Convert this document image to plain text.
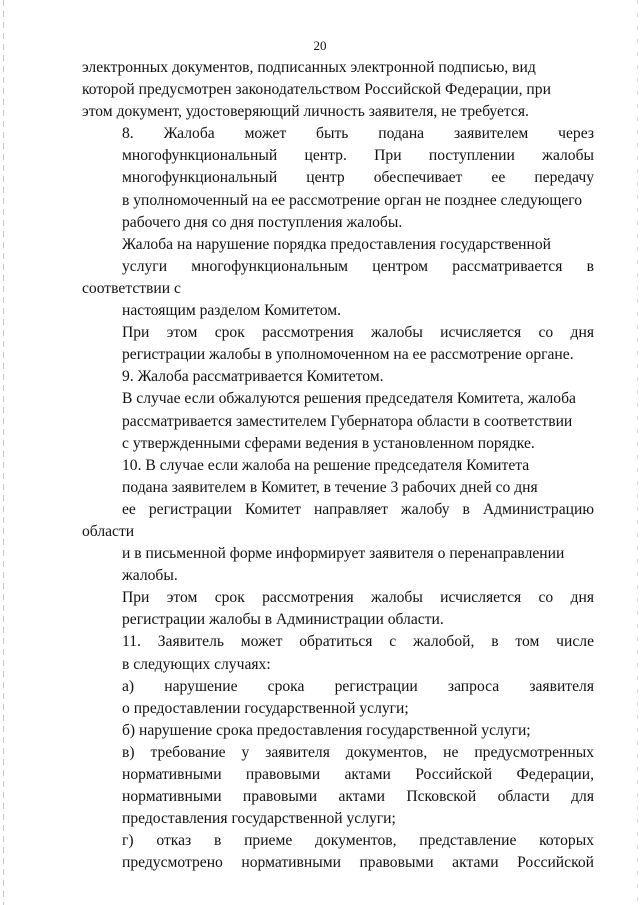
20

электронных документов, подписанных электронной подписью, вид
которой предусмотрен законодательством Российской Федерации, при
этом документ, удостоверяющий личность заявителя, не требуется.

8. Жалоба может быть подана заявителем через
многофункциональный центр. При поступлении жалобы
многофункциональный центр обеспечивает ее передачу
в уполномоченный на ее рассмотрение орган не позднее следующего
рабочего дня со дня поступления жалобы.

Жалоба на нарушение порядка предоставления государственной
услуги многофункциональным центром рассматривается в соответствии с
настоящим разделом Комитетом.

При этом срок рассмотрения жалобы исчисляется со дня
регистрации жалобы в уполномоченном на ее рассмотрение органе.

9. Жалоба рассматривается Комитетом.

В случае если обжалуются решения председателя Комитета, жалоба
рассматривается заместителем Губернатора области в соответствии
с утвержденными сферами ведения в установленном порядке.

10. В случае если жалоба на решение председателя Комитета
подана заявителем в Комитет, в течение 3 рабочих дней со дня
ее регистрации Комитет направляет жалобу в Администрацию области
и в письменной форме информирует заявителя о перенаправлении
жалобы.

При этом срок рассмотрения жалобы исчисляется со дня
регистрации жалобы в Администрации области.

11. Заявитель может обратиться с жалобой, в том числе
в следующих случаях:

а) нарушение срока регистрации запроса заявителя
о предоставлении государственной услуги;

б) нарушение срока предоставления государственной услуги;

в) требование у заявителя документов, не предусмотренных
нормативными правовыми актами Российской Федерации,
нормативными правовыми актами Псковской области для
предоставления государственной услуги;

г) отказ в приеме документов, представление которых
предусмотрено нормативными правовыми актами Российской
